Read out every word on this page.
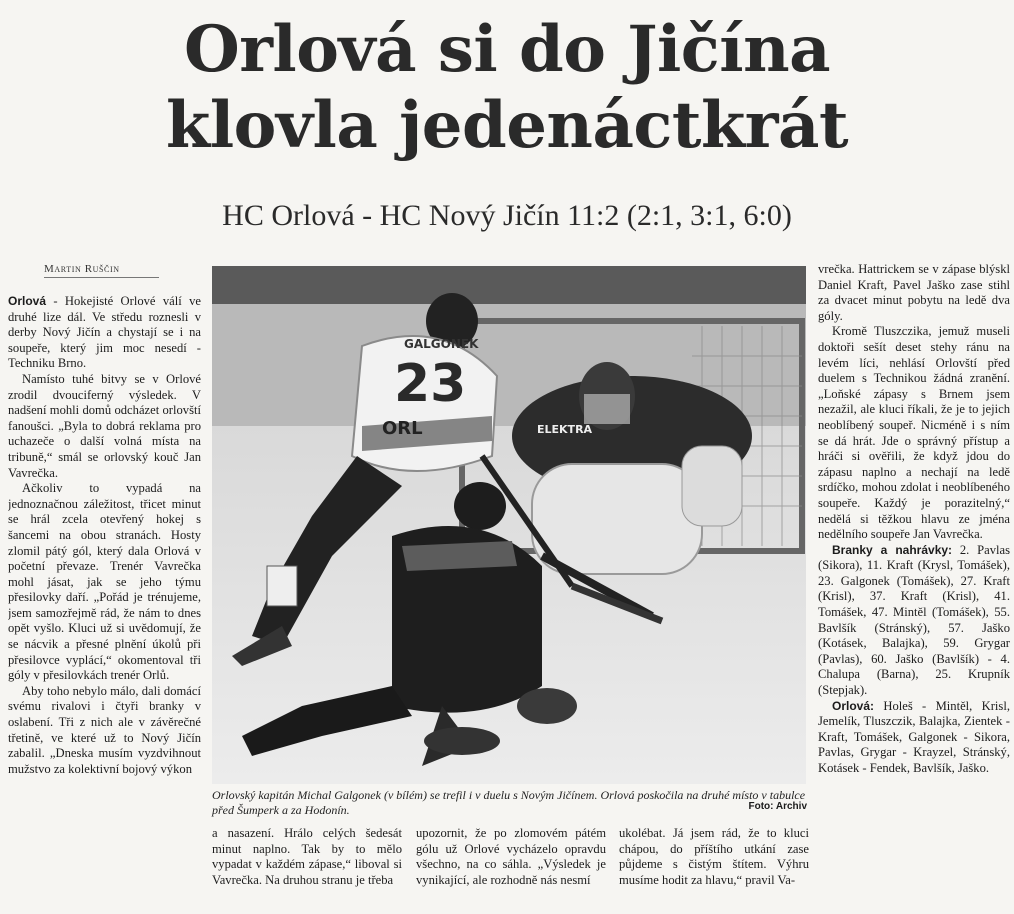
Orlová si do Jičína
klovla jedenáctkrát
HC Orlová - HC Nový Jičín 11:2 (2:1, 3:1, 6:0)
Martin Ruščin

Orlová - Hokejisté Orlové válí ve druhé lize dál. Ve středu roznesli v derby Nový Jičín a chystají se i na soupeře, který jim moc nesedí - Techniku Brno.

Namísto tuhé bitvy se v Orlové zrodil dvouciferný výsledek. V nadšení mohli domů odcházet orlovští fanoušci. „Byla to dobrá reklama pro uchazeče o další volná místa na tribuně,“ smál se orlovský kouč Jan Vavrečka.

Ačkoliv to vypadá na jednoznačnou záležitost, třicet minut se hrál zcela otevřený hokej s šancemi na obou stranách. Hosty zlomil pátý gól, který dala Orlová v početní převaze. Trenér Vavrečka mohl jásat, jak se jeho týmu přesilovky daří. „Pořád je trénujeme, jsem samozřejmě rád, že nám to dnes opět vyšlo. Kluci už si uvědomují, že se nácvik a přesné plnění úkolů při přesilovce vyplácí,“ okomentoval tři góly v přesilovkách trenér Orlů.

Aby toho nebylo málo, dali domácí svému rivalovi i čtyři branky v oslabení. Tři z nich ale v závěrečné třetině, ve které už to Nový Jičín zabalil. „Dneska musím vyzdvihnout mužstvo za kolektivní bojový výkon

ELEKTRA
23
GALGONEK
ORL
Orlovský kapitán Michal Galgonek (v bílém) se trefil i v duelu s Novým Jičínem. Orlová poskočila na druhé místo v tabulce před Šumperk a za Hodonín.	Foto: Archiv

a nasazení. Hrálo celých šedesát minut naplno. Tak by to mělo vypadat v každém zápase,“ liboval si Vavrečka. Na druhou stranu je třeba

upozornit, že po zlomovém pátém gólu už Orlové vycházelo opravdu všechno, na co sáhla. „Výsledek je vynikající, ale rozhodně nás nesmí

ukolébat. Já jsem rád, že to kluci chápou, do příštího utkání zase půjdeme s čistým štítem. Výhru musíme hodit za hlavu,“ pravil Va-

vrečka. Hattrickem se v zápase blýskl Daniel Kraft, Pavel Jaško zase stihl za dvacet minut pobytu na ledě dva góly.

Kromě Tluszczika, jemuž museli doktoři sešít deset stehy ránu na levém líci, nehlásí Orlovští před duelem s Technikou žádná zranění. „Loňské zápasy s Brnem jsem nezažil, ale kluci říkali, že je to jejich neoblíbený soupeř. Nicméně i s ním se dá hrát. Jde o správný přístup a hráči si ověřili, že když jdou do zápasu naplno a nechají na ledě srdíčko, mohou zdolat i neoblíbeného soupeře. Každý je porazitelný,“ nedělá si těžkou hlavu ze jména nedělního soupeře Jan Vavrečka.

Branky a nahrávky: 2. Pavlas (Sikora), 11. Kraft (Krysl, Tomášek), 23. Galgonek (Tomášek), 27. Kraft (Krisl), 37. Kraft (Krisl), 41. Tomášek, 47. Mintěl (Tomášek), 55. Bavlšík (Stránský), 57. Jaško (Kotásek, Balajka), 59. Grygar (Pavlas), 60. Jaško (Bavlšík) - 4. Chalupa (Barna), 25. Krupník (Stepjak).

Orlová: Holeš - Mintěl, Krisl, Jemelík, Tluszczik, Balajka, Zientek - Kraft, Tomášek, Galgonek - Sikora, Pavlas, Grygar - Krayzel, Stránský, Kotásek - Fendek, Bavlšík, Jaško.
